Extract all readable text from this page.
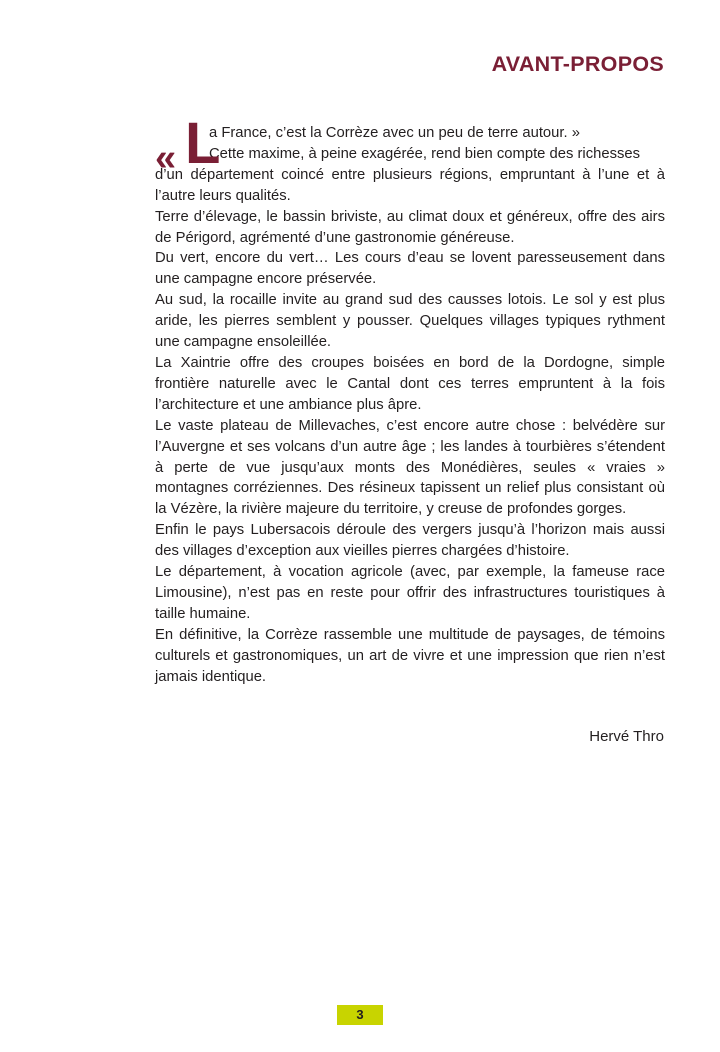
AVANT-PROPOS
« L

a France, c’est la Corrèze avec un peu de terre autour. »

Cette maxime, à peine exagérée, rend bien compte des richesses

d’un département coincé entre plusieurs régions, empruntant à l’une et à l’autre leurs qualités.

Terre d’élevage, le bassin briviste, au climat doux et généreux, offre des airs de Périgord, agrémenté d’une gastronomie généreuse.

Du vert, encore du vert… Les cours d’eau se lovent paresseusement dans une campagne encore préservée.

Au sud, la rocaille invite au grand sud des causses lotois. Le sol y est plus aride, les pierres semblent y pousser. Quelques villages typiques rythment une campagne ensoleillée.

La Xaintrie offre des croupes boisées en bord de la Dordogne, simple frontière naturelle avec le Cantal dont ces terres empruntent à la fois l’architecture et une ambiance plus âpre.

Le vaste plateau de Millevaches, c’est encore autre chose : belvédère sur l’Auvergne et ses volcans d’un autre âge ; les landes à tourbières s’étendent à perte de vue jusqu’aux monts des Monédières, seules « vraies » montagnes corréziennes. Des résineux tapissent un relief plus consistant où la Vézère, la rivière majeure du territoire, y creuse de profondes gorges.

Enfin le pays Lubersacois déroule des vergers jusqu’à l’horizon mais aussi des villages d’exception aux vieilles pierres chargées d’histoire.

Le département, à vocation agricole (avec, par exemple, la fameuse race Limousine), n’est pas en reste pour offrir des infrastructures touristiques à taille humaine.

En définitive, la Corrèze rassemble une multitude de paysages, de témoins culturels et gastronomiques, un art de vivre et une impression que rien n’est jamais identique.

Hervé Thro

3
